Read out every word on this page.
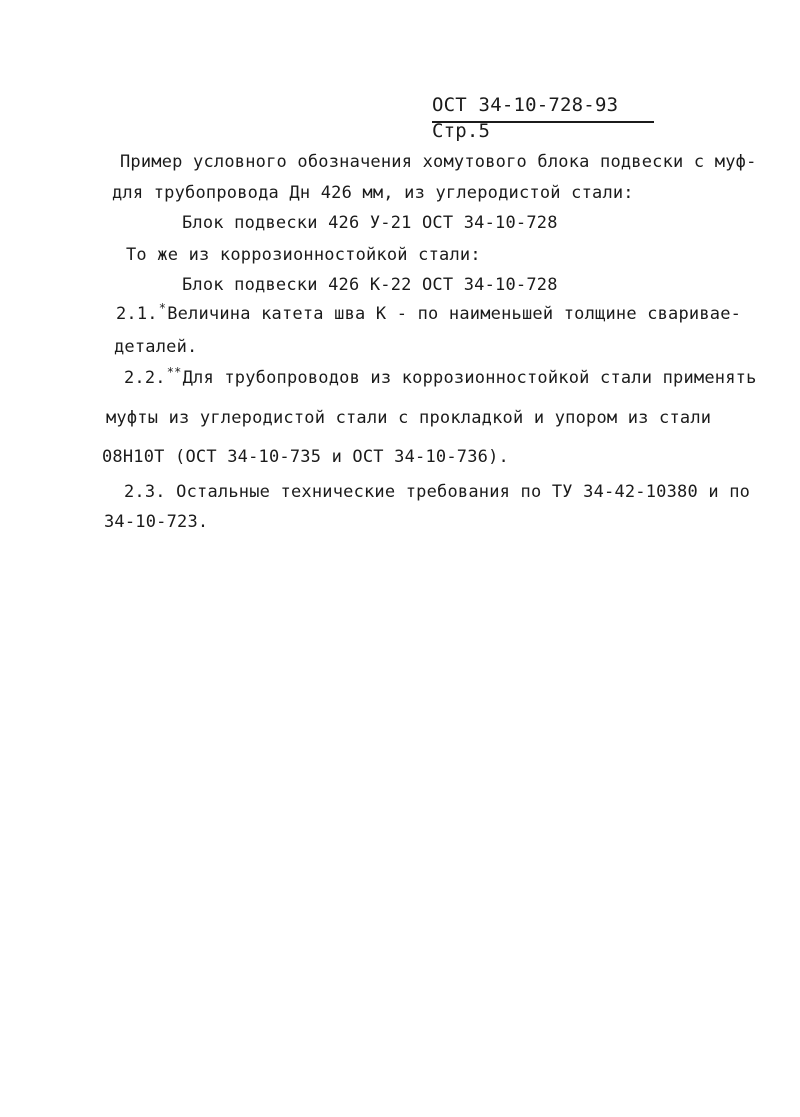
ОСТ 34-10-728-93 Стр.5
Пример условного обозначения хомутового блока подвески с муф-
для трубопровода Дн 426 мм, из углеродистой стали:
Блок подвески 426 У-21 ОСТ 34-10-728
То же из коррозионностойкой стали:
Блок подвески 426 К-22 ОСТ 34-10-728
2.1.*Величина катета шва К - по наименьшей толщине свариваe-
деталей.
2.2.**Для трубопроводов из коррозионностойкой стали применять
муфты из углеродистой стали с прокладкой и упором из стали
08Н10Т (ОСТ 34-10-735 и ОСТ 34-10-736).
2.3. Остальные технические требования по ТУ 34-42-10380 и по
34-10-723.
